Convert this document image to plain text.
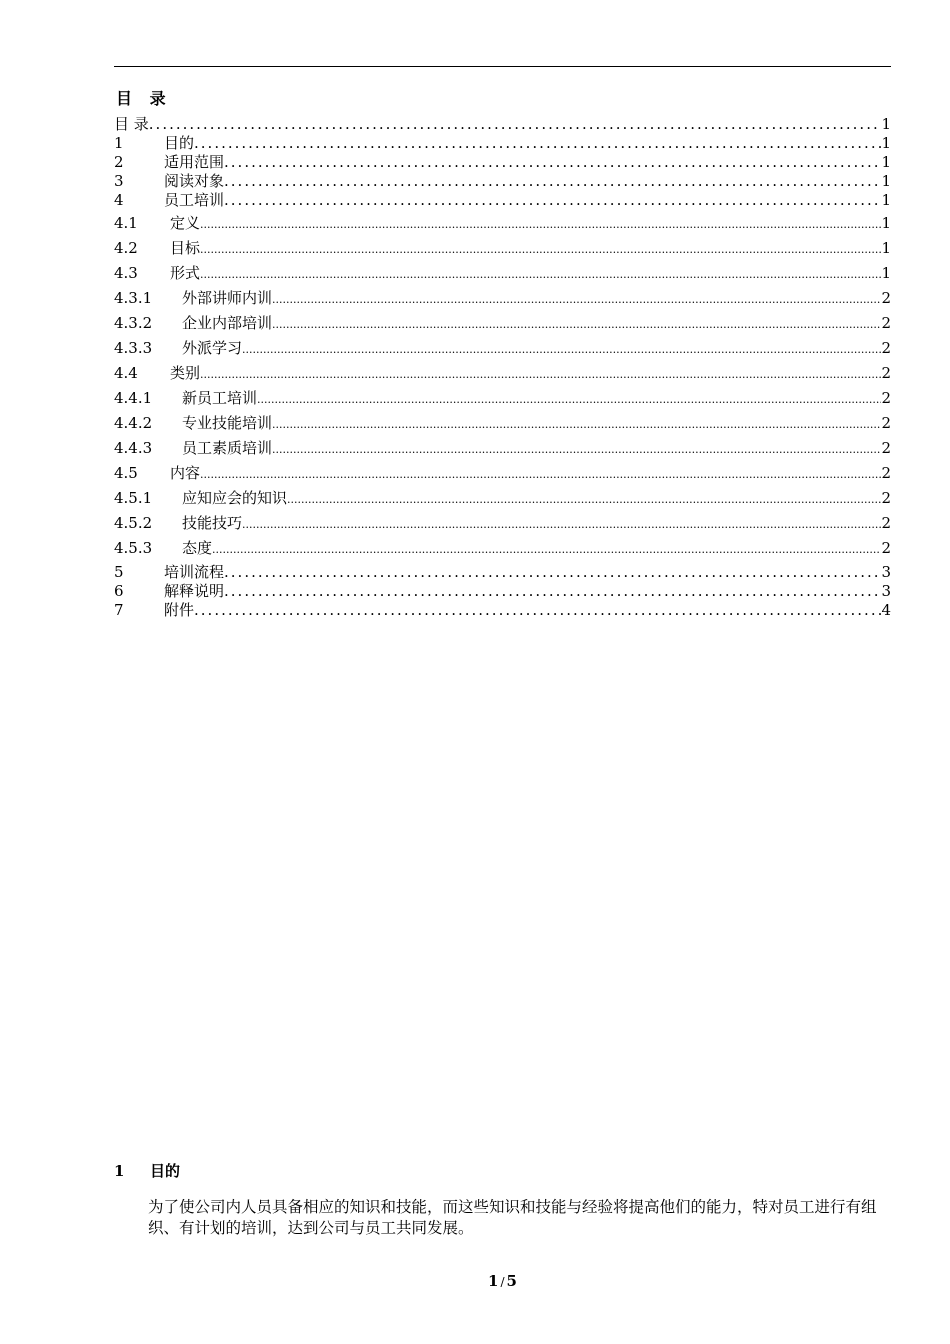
目 录
目 录 .....	1
1	目的 .....	1
2	适用范围 .....	1
3	阅读对象 .....	1
4	员工培训 .....	1
4.1	定义 .....	1
4.2	目标 .....	1
4.3	形式 .....	1
4.3.1	外部讲师内训 .....	2
4.3.2	企业内部培训 .....	2
4.3.3	外派学习 .....	2
4.4	类别 .....	2
4.4.1	新员工培训 .....	2
4.4.2	专业技能培训 .....	2
4.4.3	员工素质培训 .....	2
4.5	内容 .....	2
4.5.1	应知应会的知识 .....	2
4.5.2	技能技巧 .....	2
4.5.3	态度 .....	2
5	培训流程 .....	3
6	解释说明 .....	3
7	附件 .....	4
1 目的
为了使公司内人员具备相应的知识和技能，而这些知识和技能与经验将提高他们的能力，特对员工进行有组织、有计划的培训，达到公司与员工共同发展。
1 / 5
